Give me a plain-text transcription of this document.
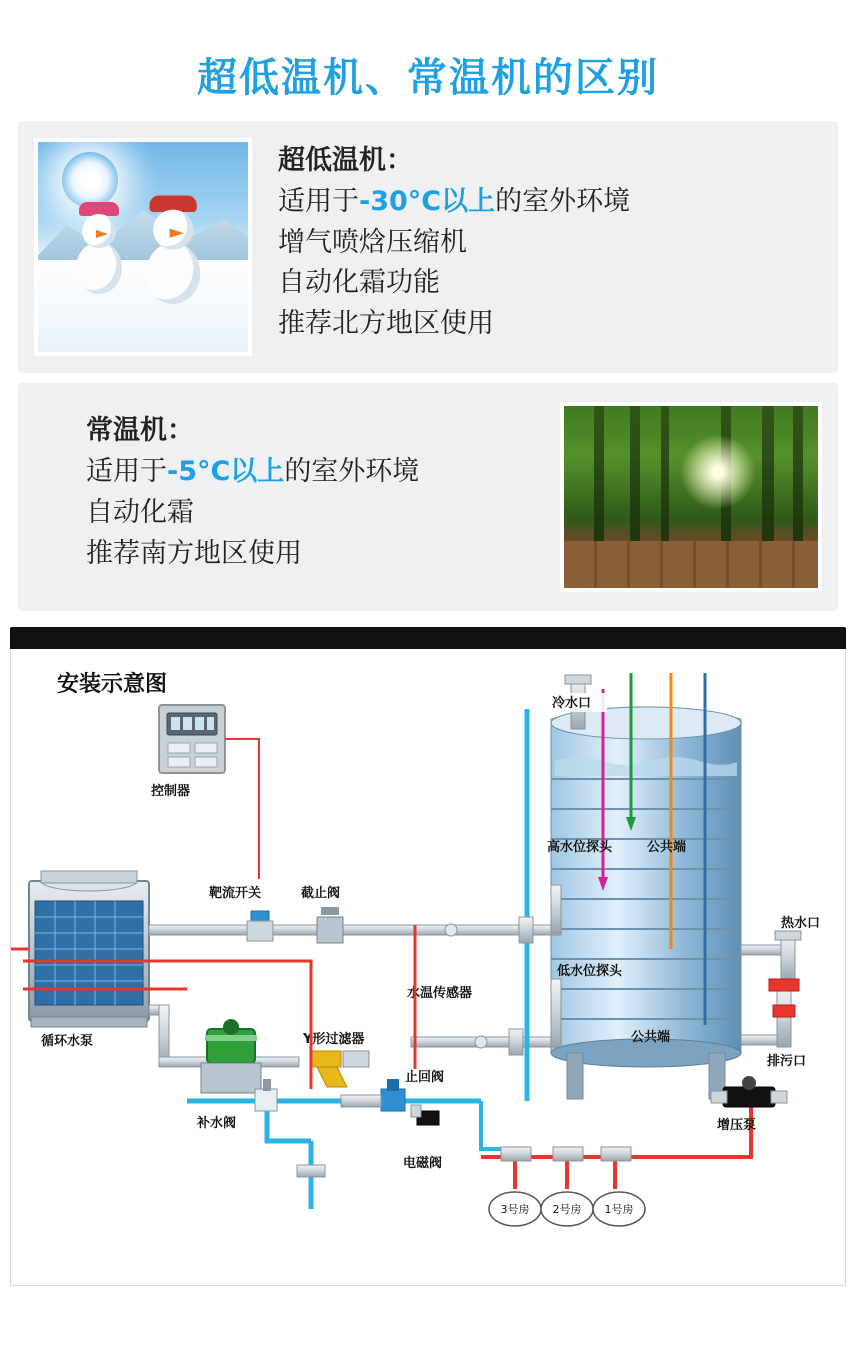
超低温机、常温机的区别

超低温机：

适用于-30°C以上的室外环境

增气喷焓压缩机

自动化霜功能

推荐北方地区使用

常温机：

适用于-5°C以上的室外环境

自动化霜

推荐南方地区使用

安装示意图
冷水口
高水位探头	公共端
低水位探头
公共端
控制器
循环水泵
靶流开关	截止阀
Y形过滤器
水温传感器
补水阀
止回阀
电磁阀
3号房 2号房 1号房
热水口
排污口
增压泵
